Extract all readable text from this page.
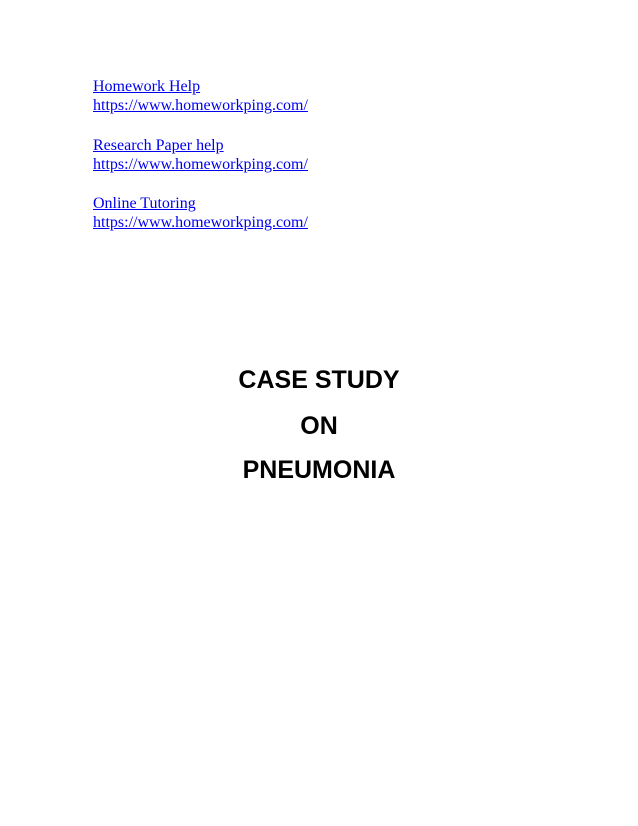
Homework Help
https://www.homeworkping.com/
Research Paper help
https://www.homeworkping.com/
Online Tutoring
https://www.homeworkping.com/
CASE STUDY
ON
PNEUMONIA
